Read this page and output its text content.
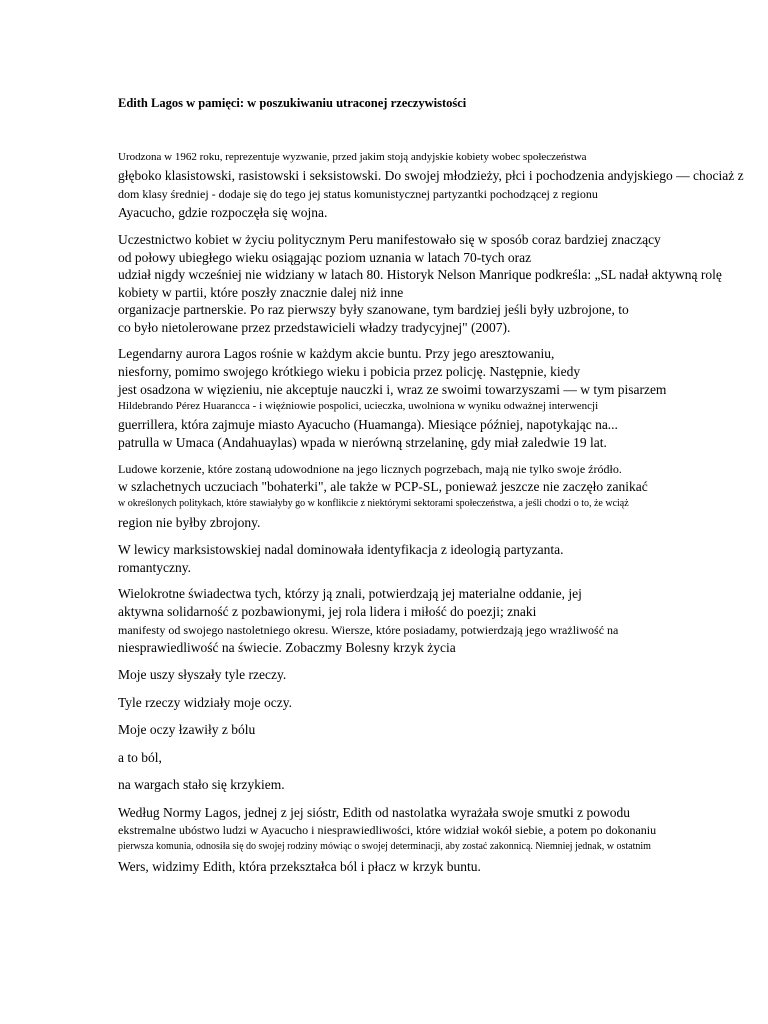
Edith Lagos w pamięci: w poszukiwaniu utraconej rzeczywistości
Urodzona w 1962 roku, reprezentuje wyzwanie, przed jakim stoją andyjskie kobiety wobec społeczeństwa
głęboko klasistowski, rasistowski i seksistowski. Do swojej młodzieży, płci i pochodzenia andyjskiego — chociaż z
dom klasy średniej - dodaje się do tego jej status komunistycznej partyzantki pochodzącej z regionu
Ayacucho, gdzie rozpoczęła się wojna.
Uczestnictwo kobiet w życiu politycznym Peru manifestowało się w sposób coraz bardziej znaczący
od połowy ubiegłego wieku osiągając poziom uznania w latach 70-tych oraz
udział nigdy wcześniej nie widziany w latach 80. Historyk Nelson Manrique podkreśla: „SL nadał aktywną rolę
kobiety w partii, które poszły znacznie dalej niż inne
organizacje partnerskie. Po raz pierwszy były szanowane, tym bardziej jeśli były uzbrojone, to
co było nietolerowane przez przedstawicieli władzy tradycyjnej" (2007).
Legendarny aurora Lagos rośnie w każdym akcie buntu. Przy jego aresztowaniu,
niesforny, pomimo swojego krótkiego wieku i pobicia przez policję. Następnie, kiedy
jest osadzona w więzieniu, nie akceptuje nauczki i, wraz ze swoimi towarzyszami — w tym pisarzem
Hildebrando Pérez Huarancca - i więźniowie pospolici, ucieczka, uwolniona w wyniku odważnej interwencji
guerrillera, która zajmuje miasto Ayacucho (Huamanga). Miesiące później, napotykając na...
patrulla w Umaca (Andahuaylas) wpada w nierówną strzelaninę, gdy miał zaledwie 19 lat.
Ludowe korzenie, które zostaną udowodnione na jego licznych pogrzebach, mają nie tylko swoje źródło.
w szlachetnych uczuciach "bohaterki", ale także w PCP-SL, ponieważ jeszcze nie zaczęło zanikać
w określonych politykach, które stawiałyby go w konflikcie z niektórymi sektorami społeczeństwa, a jeśli chodzi o to, że wciąż
region nie byłby zbrojony.
W lewicy marksistowskiej nadal dominowała identyfikacja z ideologią partyzanta.
romantyczny.
Wielokrotne świadectwa tych, którzy ją znali, potwierdzają jej materialne oddanie, jej
aktywna solidarność z pozbawionymi, jej rola lidera i miłość do poezji; znaki
manifesty od swojego nastoletniego okresu. Wiersze, które posiadamy, potwierdzają jego wrażliwość na
niesprawiedliwość na świecie. Zobaczmy Bolesny krzyk życia
Moje uszy słyszały tyle rzeczy.
Tyle rzeczy widziały moje oczy.
Moje oczy łzawiły z bólu
a to ból,
na wargach stało się krzykiem.
Według Normy Lagos, jednej z jej sióstr, Edith od nastolatka wyrażała swoje smutki z powodu
ekstremalne ubóstwo ludzi w Ayacucho i niesprawiedliwości, które widział wokół siebie, a potem po dokonaniu
pierwsza komunia, odnosiła się do swojej rodziny mówiąc o swojej determinacji, aby zostać zakonnicą. Niemniej jednak, w ostatnim
Wers, widzimy Edith, która przekształca ból i płacz w krzyk buntu.
